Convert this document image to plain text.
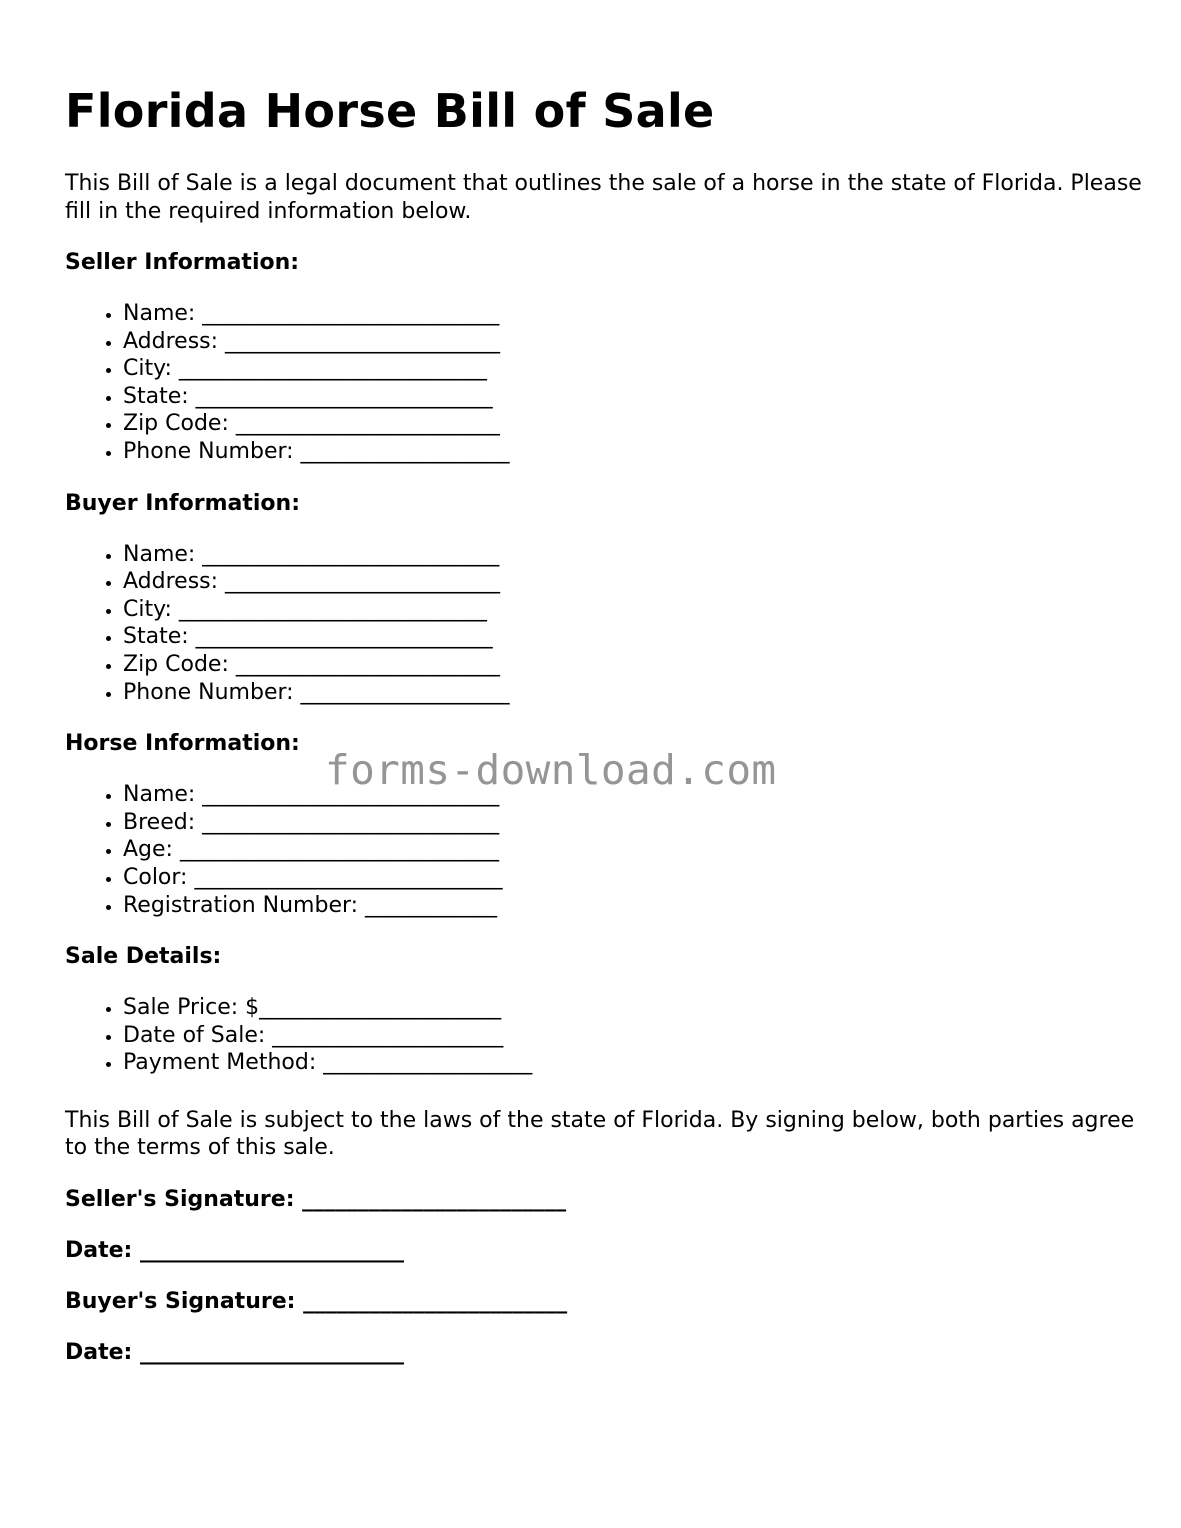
Florida Horse Bill of Sale

This Bill of Sale is a legal document that outlines the sale of a horse in the state of Florida. Please fill in the required information below.

Seller Information:
• Name: ___________________________
• Address: _________________________
• City: ____________________________
• State: ___________________________
• Zip Code: ________________________
• Phone Number: ___________________
Buyer Information:
• Name: ___________________________
• Address: _________________________
• City: ____________________________
• State: ___________________________
• Zip Code: ________________________
• Phone Number: ___________________
Horse Information:
• Name: ___________________________
• Breed: ___________________________
• Age: _____________________________
• Color: ____________________________
• Registration Number: ____________
Sale Details:
• Sale Price: $______________________
• Date of Sale: _____________________
• Payment Method: ___________________

This Bill of Sale is subject to the laws of the state of Florida. By signing below, both parties agree to the terms of this sale.

Seller's Signature: ________________________
Date: ________________________
Buyer's Signature: ________________________
Date: ________________________
forms-download.com
